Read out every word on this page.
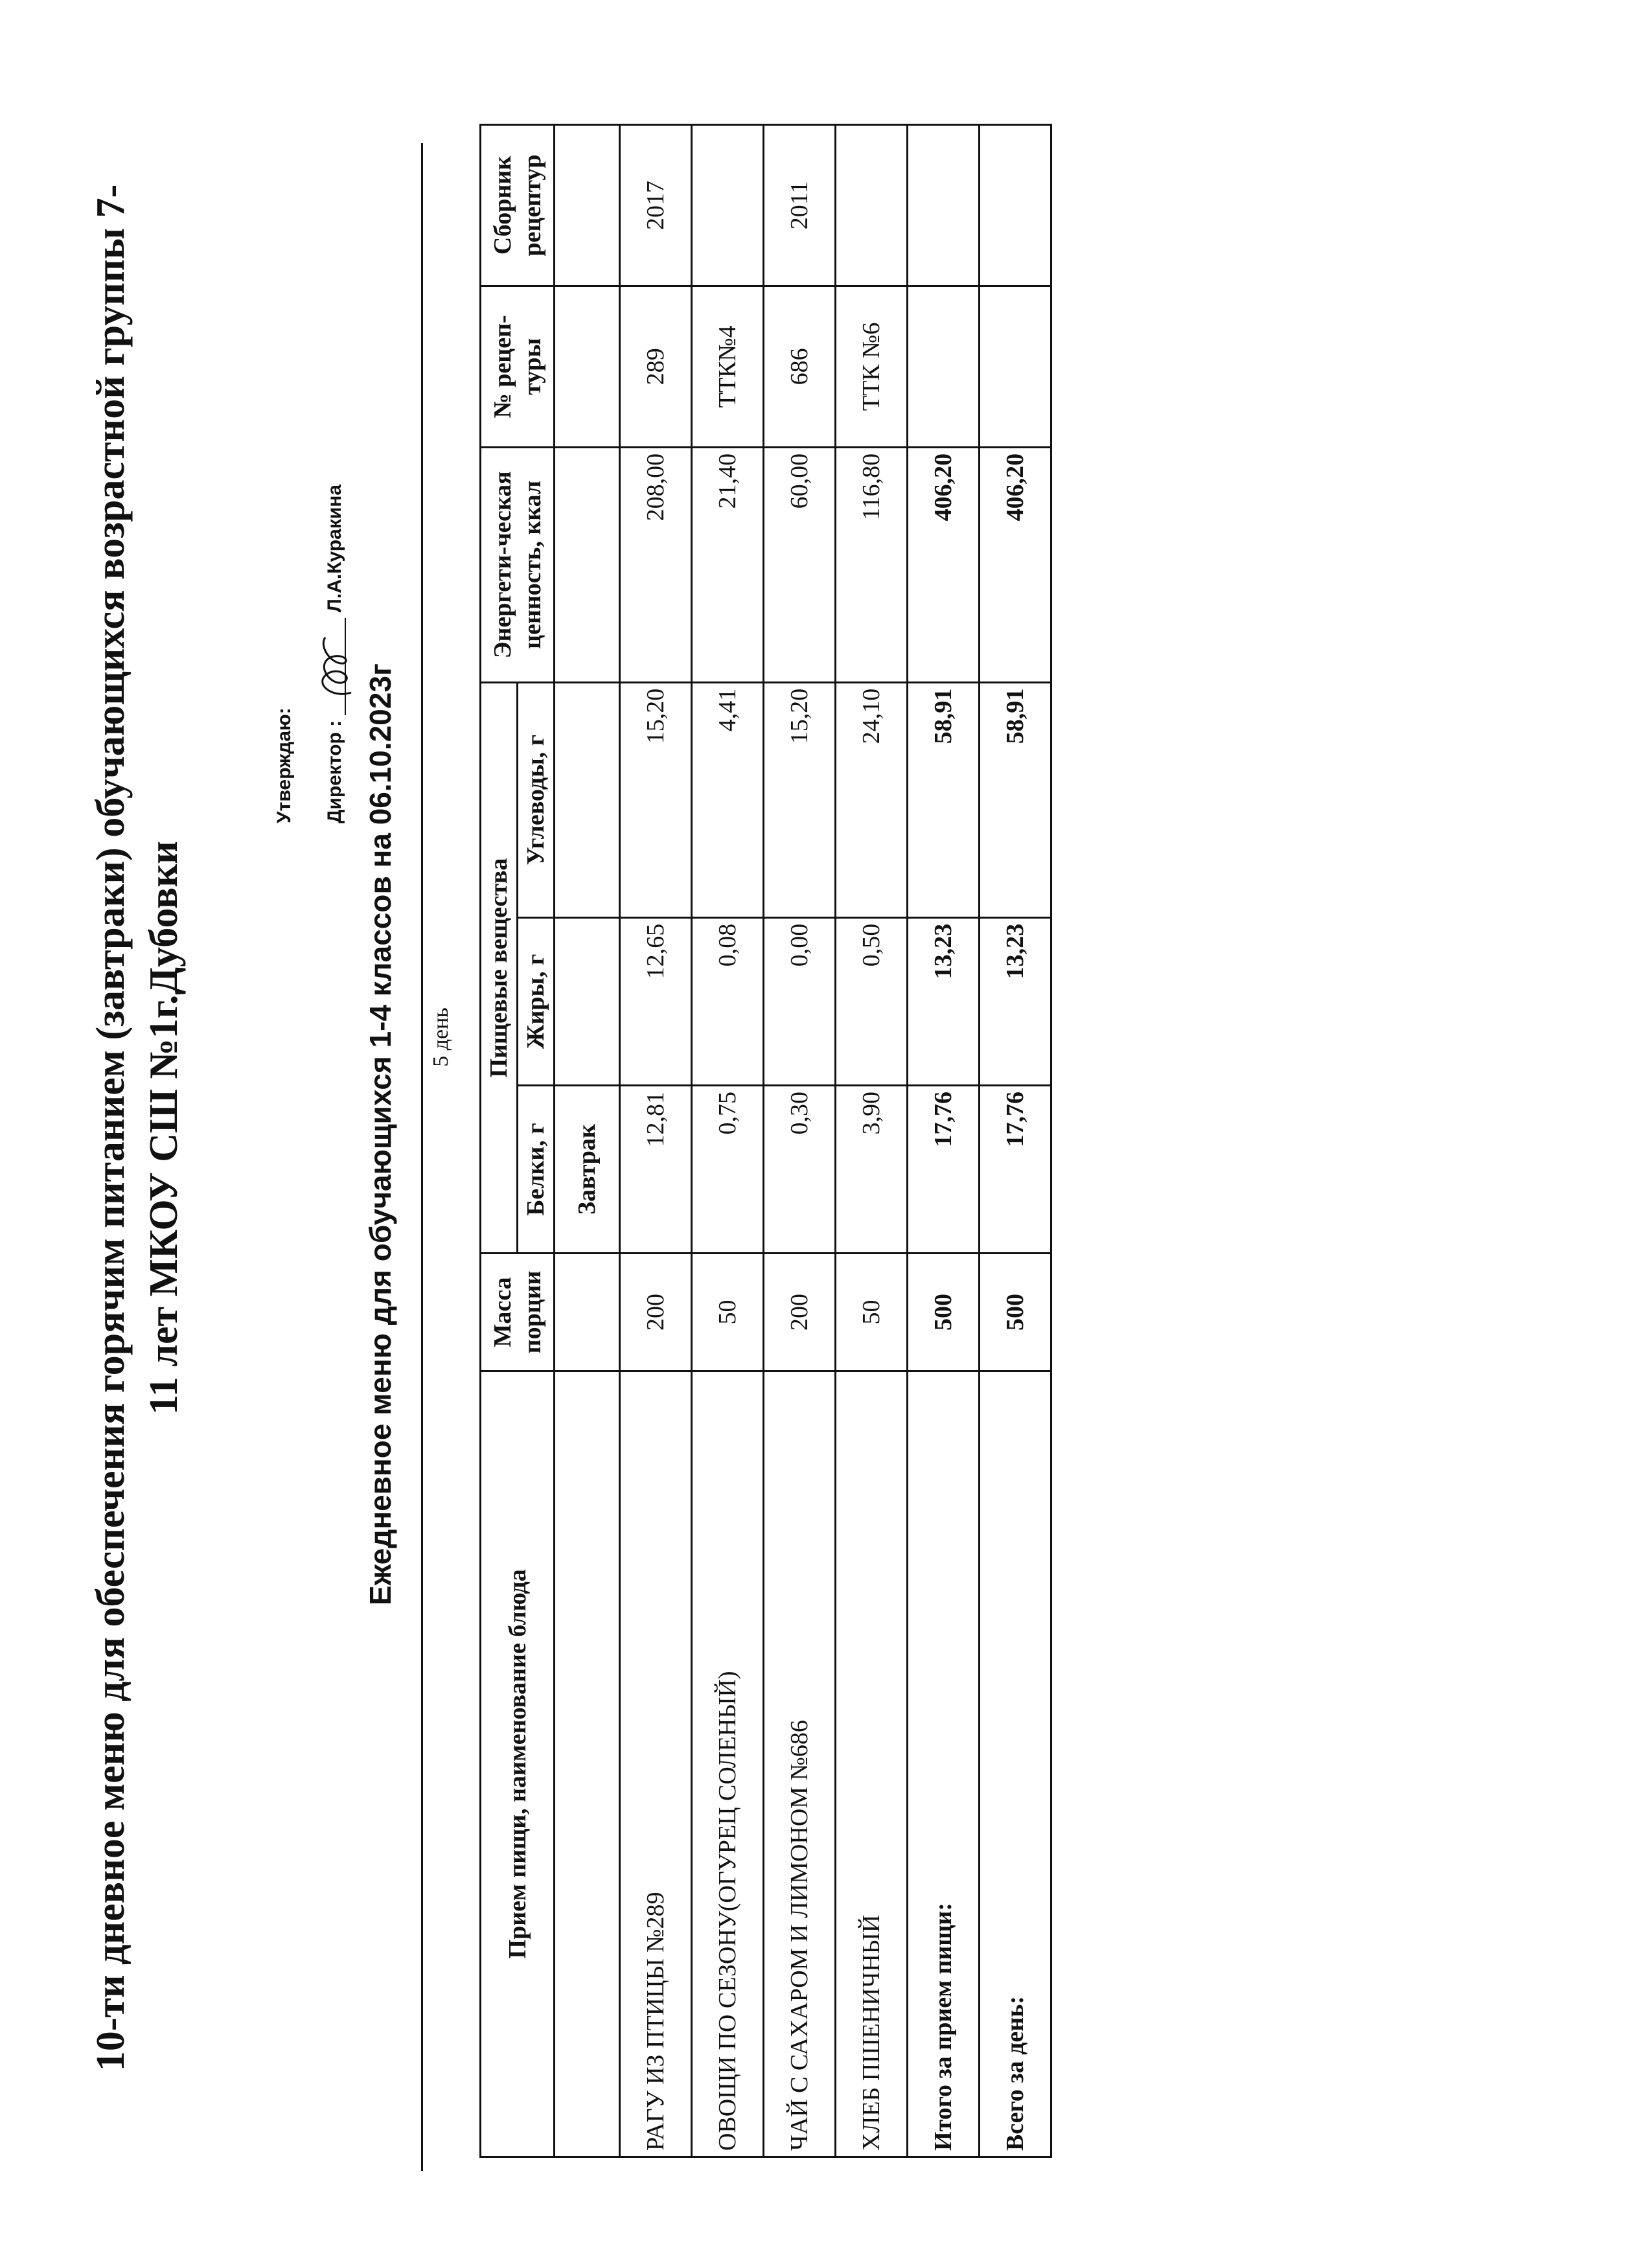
10-ти дневное меню для обеспечения горячим питанием (завтраки) обучающихся возрастной группы 7- 11 лет МКОУ СШ №1г.Дубовки
Утверждаю:	Директор :
Л.А.Куракина
Ежедневное меню для обучающихся 1-4 классов на 06.10.2023г 5 день
Прием пищи, наименование блюда	Масса порции	Пищевые вещества			Энергети-ческая ценность, ккал	№ рецеп-туры	Сборник рецептур
		Белки, г	Жиры, г	Углеводы, г			
		Завтрак					
РАГУ ИЗ ПТИЦЫ №289	200	12,81	12,65	15,20	208,00	289	2017
ОВОЩИ ПО СЕЗОНУ(ОГУРЕЦ СОЛЕНЫЙ)	50	0,75	0,08	4,41	21,40	ТТК№4	
ЧАЙ С САХАРОМ И ЛИМОНОМ №686	200	0,30	0,00	15,20	60,00	686	2011
ХЛЕБ ПШЕНИЧНЫЙ	50	3,90	0,50	24,10	116,80	ТТК №6	
Итого за прием пищи:	500	17,76	13,23	58,91	406,20		
Всего за день:	500	17,76	13,23	58,91	406,20		
